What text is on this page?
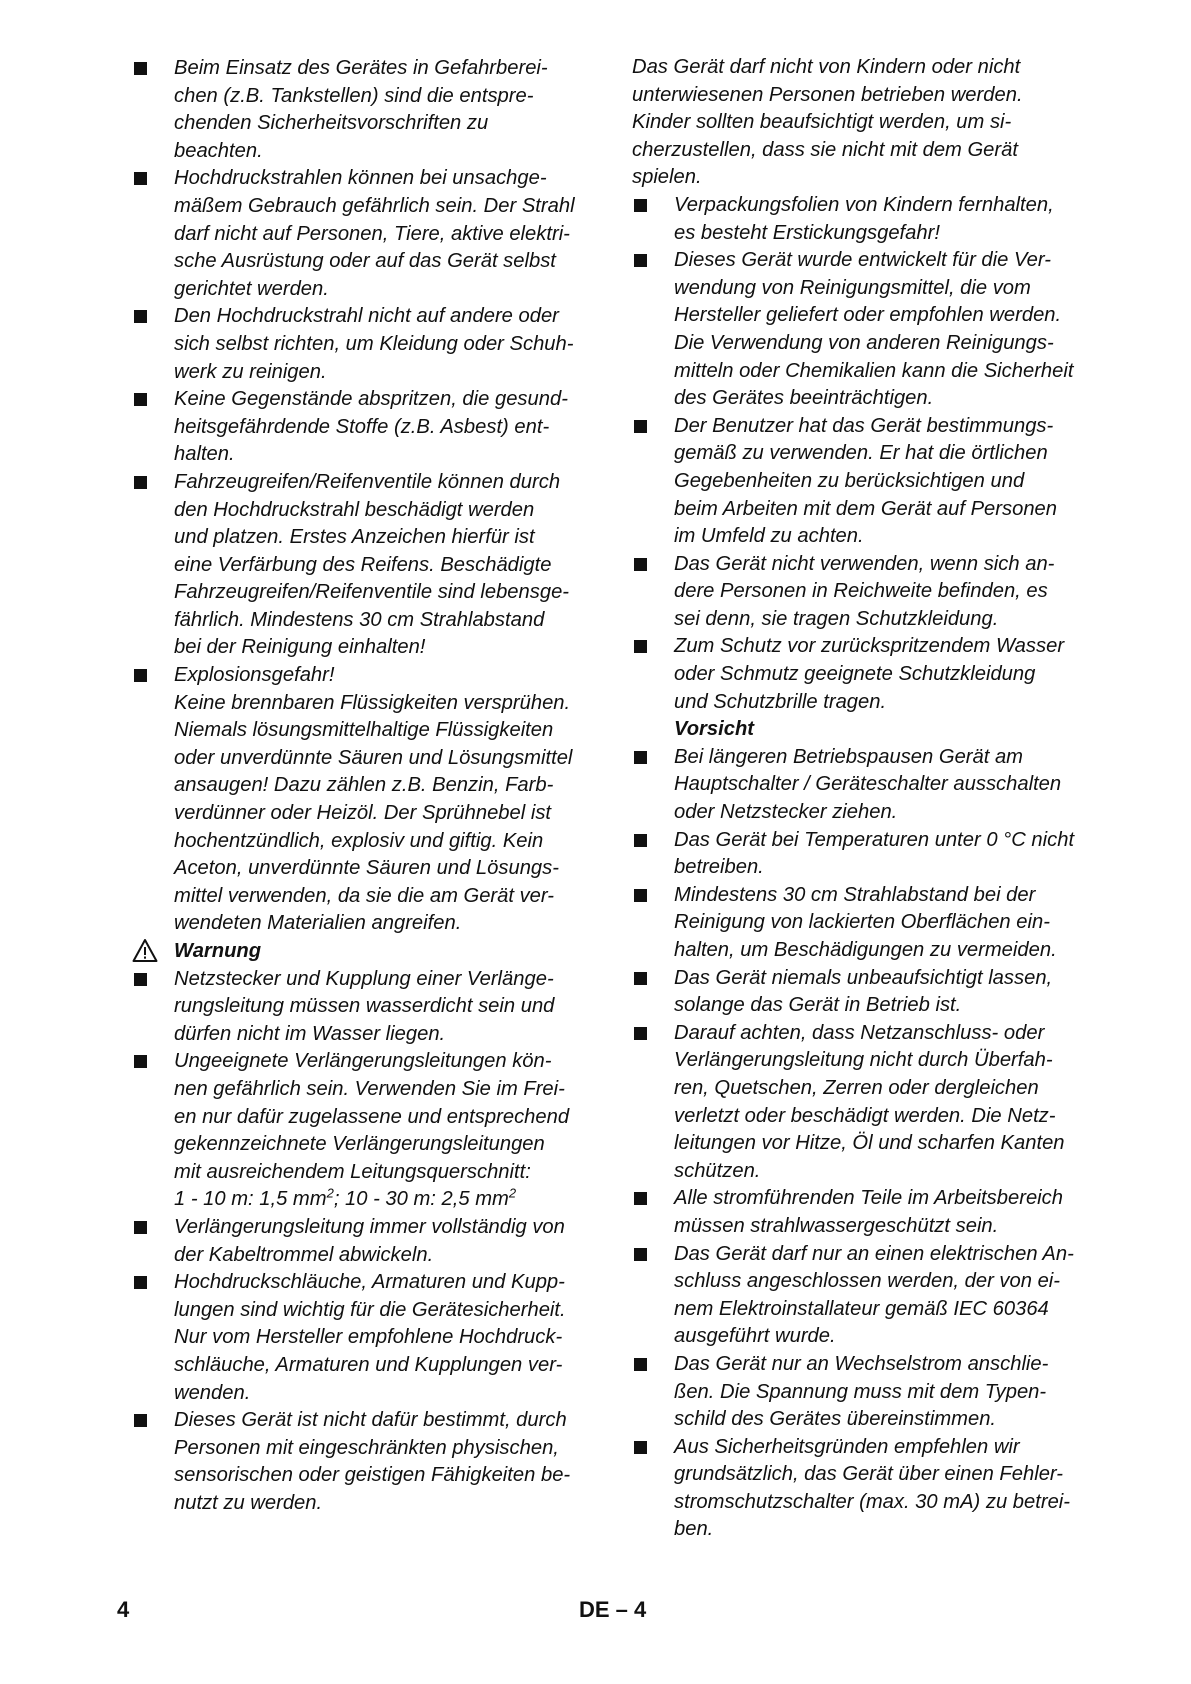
Beim Einsatz des Gerätes in Gefahrberei-
chen (z.B. Tankstellen) sind die entspre-
chenden Sicherheitsvorschriften zu
beachten.
Hochdruckstrahlen können bei unsachge-
mäßem Gebrauch gefährlich sein. Der Strahl
darf nicht auf Personen, Tiere, aktive elektri-
sche Ausrüstung oder auf das Gerät selbst
gerichtet werden.
Den Hochdruckstrahl nicht auf andere oder
sich selbst richten, um Kleidung oder Schuh-
werk zu reinigen.
Keine Gegenstände abspritzen, die gesund-
heitsgefährdende Stoffe (z.B. Asbest) ent-
halten.
Fahrzeugreifen/Reifenventile können durch
den Hochdruckstrahl beschädigt werden
und platzen. Erstes Anzeichen hierfür ist
eine Verfärbung des Reifens. Beschädigte
Fahrzeugreifen/Reifenventile sind lebensge-
fährlich. Mindestens 30 cm Strahlabstand
bei der Reinigung einhalten!
Explosionsgefahr!
Keine brennbaren Flüssigkeiten versprühen.
Niemals lösungsmittelhaltige Flüssigkeiten
oder unverdünnte Säuren und Lösungsmittel
ansaugen! Dazu zählen z.B. Benzin, Farb-
verdünner oder Heizöl. Der Sprühnebel ist
hochentzündlich, explosiv und giftig. Kein
Aceton, unverdünnte Säuren und Lösungs-
mittel verwenden, da sie die am Gerät ver-
wendeten Materialien angreifen.
Warnung
Netzstecker und Kupplung einer Verlänge-
rungsleitung müssen wasserdicht sein und
dürfen nicht im Wasser liegen.
Ungeeignete Verlängerungsleitungen kön-
nen gefährlich sein. Verwenden Sie im Frei-
en nur dafür zugelassene und entsprechend
gekennzeichnete Verlängerungsleitungen
mit ausreichendem Leitungsquerschnitt:
1 - 10 m: 1,5 $mm^2$; 10 - 30 m: 2,5 $mm^2$
Verlängerungsleitung immer vollständig von
der Kabeltrommel abwickeln.
Hochdruckschläuche, Armaturen und Kupp-
lungen sind wichtig für die Gerätesicherheit.
Nur vom Hersteller empfohlene Hochdruck-
schläuche, Armaturen und Kupplungen ver-
wenden.
Dieses Gerät ist nicht dafür bestimmt, durch
Personen mit eingeschränkten physischen,
sensorischen oder geistigen Fähigkeiten be-
nutzt zu werden.
Das Gerät darf nicht von Kindern oder nicht
unterwiesenen Personen betrieben werden.
Kinder sollten beaufsichtigt werden, um si-
cherzustellen, dass sie nicht mit dem Gerät
spielen.
Verpackungsfolien von Kindern fernhalten,
es besteht Erstickungsgefahr!
Dieses Gerät wurde entwickelt für die Ver-
wendung von Reinigungsmittel, die vom
Hersteller geliefert oder empfohlen werden.
Die Verwendung von anderen Reinigungs-
mitteln oder Chemikalien kann die Sicherheit
des Gerätes beeinträchtigen.
Der Benutzer hat das Gerät bestimmungs-
gemäß zu verwenden. Er hat die örtlichen
Gegebenheiten zu berücksichtigen und
beim Arbeiten mit dem Gerät auf Personen
im Umfeld zu achten.
Das Gerät nicht verwenden, wenn sich an-
dere Personen in Reichweite befinden, es
sei denn, sie tragen Schutzkleidung.
Zum Schutz vor zurückspritzendem Wasser
oder Schmutz geeignete Schutzkleidung
und Schutzbrille tragen.
Vorsicht
Bei längeren Betriebspausen Gerät am
Hauptschalter / Geräteschalter ausschalten
oder Netzstecker ziehen.
Das Gerät bei Temperaturen unter 0 °C nicht
betreiben.
Mindestens 30 cm Strahlabstand bei der
Reinigung von lackierten Oberflächen ein-
halten, um Beschädigungen zu vermeiden.
Das Gerät niemals unbeaufsichtigt lassen,
solange das Gerät in Betrieb ist.
Darauf achten, dass Netzanschluss- oder
Verlängerungsleitung nicht durch Überfah-
ren, Quetschen, Zerren oder dergleichen
verletzt oder beschädigt werden. Die Netz-
leitungen vor Hitze, Öl und scharfen Kanten
schützen.
Alle stromführenden Teile im Arbeitsbereich
müssen strahlwassergeschützt sein.
Das Gerät darf nur an einen elektrischen An-
schluss angeschlossen werden, der von ei-
nem Elektroinstallateur gemäß IEC 60364
ausgeführt wurde.
Das Gerät nur an Wechselstrom anschlie-
ßen. Die Spannung muss mit dem Typen-
schild des Gerätes übereinstimmen.
Aus Sicherheitsgründen empfehlen wir
grundsätzlich, das Gerät über einen Fehler-
stromschutzschalter (max. 30 mA) zu betrei-
ben.
4	DE – 4
